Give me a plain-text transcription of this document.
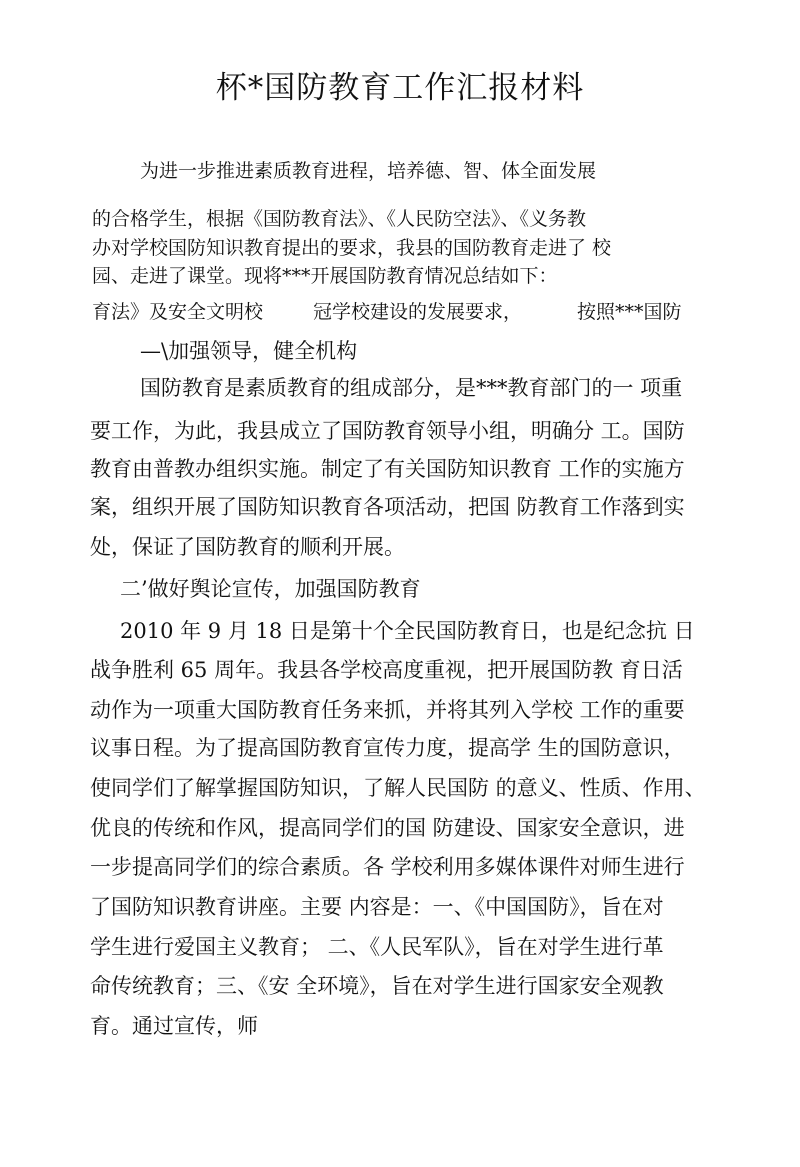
杯*国防教育工作汇报材料
为进一步推进素质教育进程，培养德、智、体全面发展
的合格学生，根据《国防教育法》、《人民防空法》、《义务教
办对学校国防知识教育提出的要求，我县的国防教育走进了 校
园、走进了课堂。现将***开展国防教育情况总结如下：
育法》及安全文明校	冠学校建设的发展要求，	按照***国防
—\加强领导，健全机构
国防教育是素质教育的组成部分，是***教育部门的一 项重
要工作，为此，我县成立了国防教育领导小组，明确分 工。国防
教育由普教办组织实施。制定了有关国防知识教育 工作的实施方
案，组织开展了国防知识教育各项活动，把国 防教育工作落到实
处，保证了国防教育的顺利开展。
二’做好舆论宣传，加强国防教育
2010 年 9 月 18 日是第十个全民国防教育日，也是纪念抗 日
战争胜利 65 周年。我县各学校高度重视，把开展国防教 育日活
动作为一项重大国防教育任务来抓，并将其列入学校 工作的重要
议事日程。为了提高国防教育宣传力度，提高学 生的国防意识，
使同学们了解掌握国防知识，了解人民国防 的意义、性质、作用、
优良的传统和作风，提高同学们的国 防建设、国家安全意识，进
一步提高同学们的综合素质。各 学校利用多媒体课件对师生进行
了国防知识教育讲座。主要 内容是：一、《中国国防》，旨在对
学生进行爱国主义教育； 二、《人民军队》，旨在对学生进行革
命传统教育；三、《安 全环境》，旨在对学生进行国家安全观教
育。通过宣传，师
